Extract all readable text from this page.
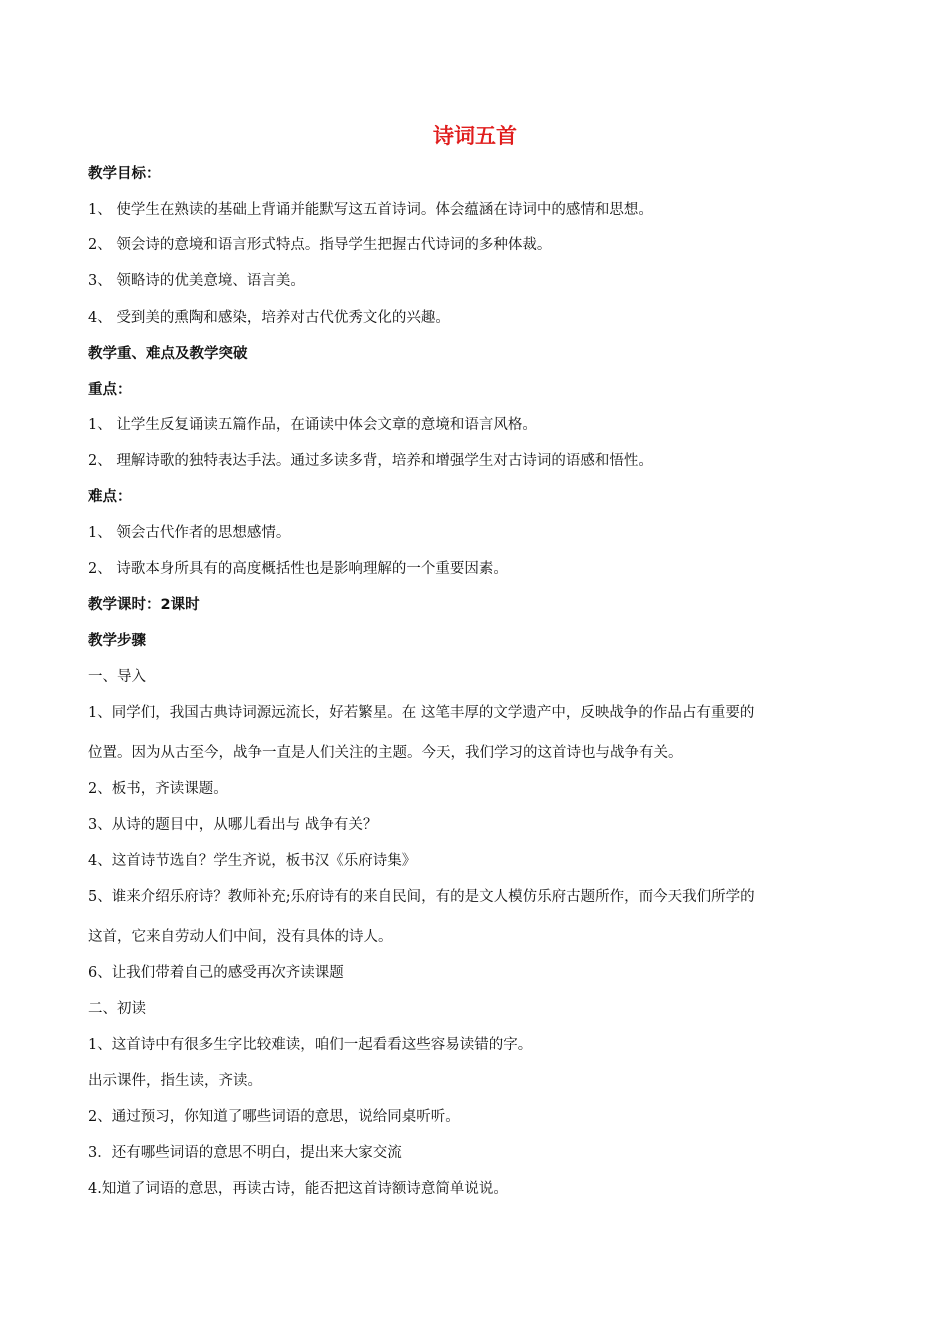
诗词五首
教学目标：
1、 使学生在熟读的基础上背诵并能默写这五首诗词。体会蕴涵在诗词中的感情和思想。
2、 领会诗的意境和语言形式特点。指导学生把握古代诗词的多种体裁。
3、 领略诗的优美意境、语言美。
4、 受到美的熏陶和感染，培养对古代优秀文化的兴趣。
教学重、难点及教学突破
重点：
1、 让学生反复诵读五篇作品，在诵读中体会文章的意境和语言风格。
2、 理解诗歌的独特表达手法。通过多读多背，培养和增强学生对古诗词的语感和悟性。
难点：
1、 领会古代作者的思想感情。
2、 诗歌本身所具有的高度概括性也是影响理解的一个重要因素。
教学课时：2课时
教学步骤
一、导入
1、同学们，我国古典诗词源远流长，好若繁星。在 这笔丰厚的文学遗产中，反映战争的作品占有重要的
位置。因为从古至今，战争一直是人们关注的主题。今天，我们学习的这首诗也与战争有关。
2、板书，齐读课题。
3、从诗的题目中，从哪儿看出与 战争有关？
4、这首诗节选自？学生齐说，板书汉《乐府诗集》
5、谁来介绍乐府诗？教师补充;乐府诗有的来自民间，有的是文人模仿乐府古题所作，而今天我们所学的
这首，它来自劳动人们中间，没有具体的诗人。
6、让我们带着自己的感受再次齐读课题
二、初读
1、这首诗中有很多生字比较难读，咱们一起看看这些容易读错的字。
出示课件，指生读，齐读。
2、通过预习，你知道了哪些词语的意思，说给同桌听听。
3．还有哪些词语的意思不明白，提出来大家交流
4.知道了词语的意思，再读古诗，能否把这首诗额诗意简单说说。
